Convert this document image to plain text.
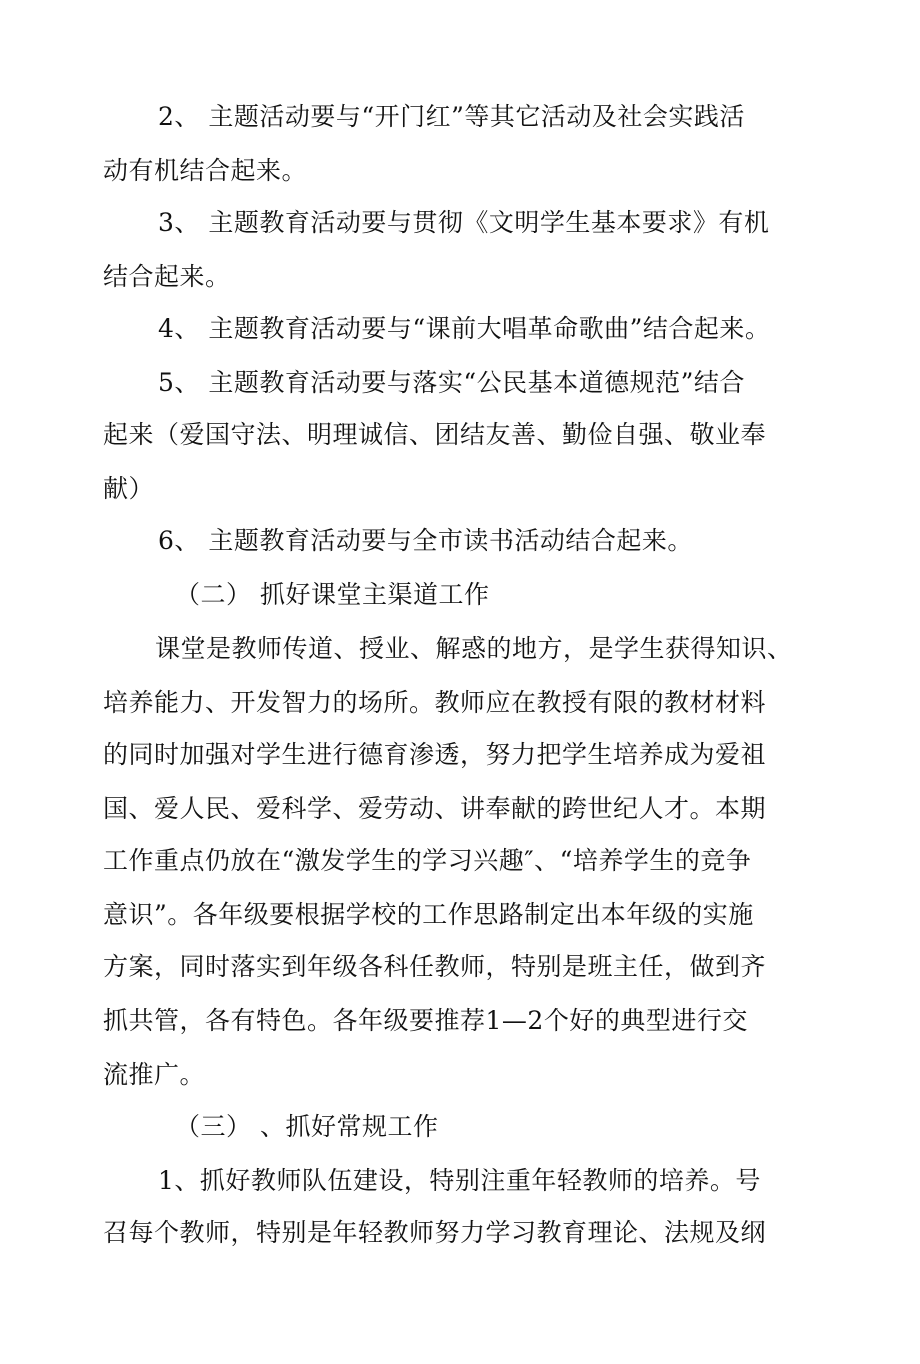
2、 主题活动要与“开门红”等其它活动及社会实践活
动有机结合起来。
3、 主题教育活动要与贯彻《文明学生基本要求》有机
结合起来。
4、 主题教育活动要与“课前大唱革命歌曲”结合起来。
5、 主题教育活动要与落实“公民基本道德规范”结合
起来（爱国守法、明理诚信、团结友善、勤俭自强、敬业奉
献）
6、 主题教育活动要与全市读书活动结合起来。
（二） 抓好课堂主渠道工作
课堂是教师传道、授业、解惑的地方，是学生获得知识、
培养能力、开发智力的场所。教师应在教授有限的教材材料
的同时加强对学生进行德育渗透，努力把学生培养成为爱祖
国、爱人民、爱科学、爱劳动、讲奉献的跨世纪人才。本期
工作重点仍放在“激发学生的学习兴趣″、“培养学生的竞争
意识”。各年级要根据学校的工作思路制定出本年级的实施
方案，同时落实到年级各科任教师，特别是班主任，做到齐
抓共管，各有特色。各年级要推荐1—2个好的典型进行交
流推广。
（三） 、抓好常规工作
1、抓好教师队伍建设，特别注重年轻教师的培养。号
召每个教师，特别是年轻教师努力学习教育理论、法规及纲
